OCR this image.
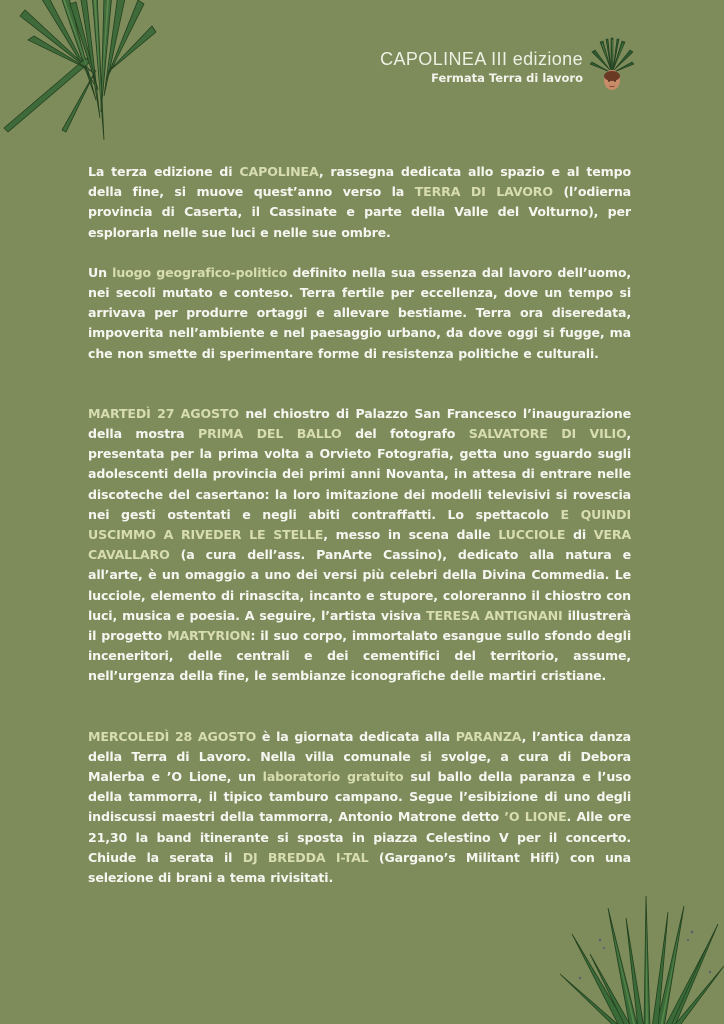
CAPOLINEA III edizione
Fermata Terra di lavoro

La terza edizione di CAPOLINEA, rassegna dedicata allo spazio e al tempo della fine, si muove quest’anno verso la TERRA DI LAVORO (l’odierna provincia di Caserta, il Cassinate e parte della Valle del Volturno), per esplorarla nelle sue luci e nelle sue ombre.

Un luogo geografico-politico definito nella sua essenza dal lavoro dell’uomo, nei secoli mutato e conteso. Terra fertile per eccellenza, dove un tempo si arrivava per produrre ortaggi e allevare bestiame. Terra ora diseredata, impoverita nell’ambiente e nel paesaggio urbano, da dove oggi si fugge, ma che non smette di sperimentare forme di resistenza politiche e culturali.

MARTEDÌ 27 AGOSTO nel chiostro di Palazzo San Francesco l’inaugurazione della mostra PRIMA DEL BALLO del fotografo SALVATORE DI VILIO, presentata per la prima volta a Orvieto Fotografia, getta uno sguardo sugli adolescenti della provincia dei primi anni Novanta, in attesa di entrare nelle discoteche del casertano: la loro imitazione dei modelli televisivi si rovescia nei gesti ostentati e negli abiti contraffatti. Lo spettacolo E QUINDI USCIMMO A RIVEDER LE STELLE, messo in scena dalle LUCCIOLE di VERA CAVALLARO (a cura dell’ass. PanArte Cassino), dedicato alla natura e all’arte, è un omaggio a uno dei versi più celebri della Divina Commedia. Le lucciole, elemento di rinascita, incanto e stupore, coloreranno il chiostro con luci, musica e poesia. A seguire, l’artista visiva TERESA ANTIGNANI illustrerà il progetto MARTYRION: il suo corpo, immortalato esangue sullo sfondo degli inceneritori, delle centrali e dei cementifici del territorio, assume, nell’urgenza della fine, le sembianze iconografiche delle martiri cristiane.

MERCOLEDÌ 28 AGOSTO è la giornata dedicata alla PARANZA, l’antica danza della Terra di Lavoro. Nella villa comunale si svolge, a cura di Debora Malerba e ’O Lione, un laboratorio gratuito sul ballo della paranza e l’uso della tammorra, il tipico tamburo campano. Segue l’esibizione di uno degli indiscussi maestri della tammorra, Antonio Matrone detto ’O LIONE. Alle ore 21,30 la band itinerante si sposta in piazza Celestino V per il concerto. Chiude la serata il DJ BREDDA I-TAL (Gargano’s Militant Hifi) con una selezione di brani a tema rivisitati.
